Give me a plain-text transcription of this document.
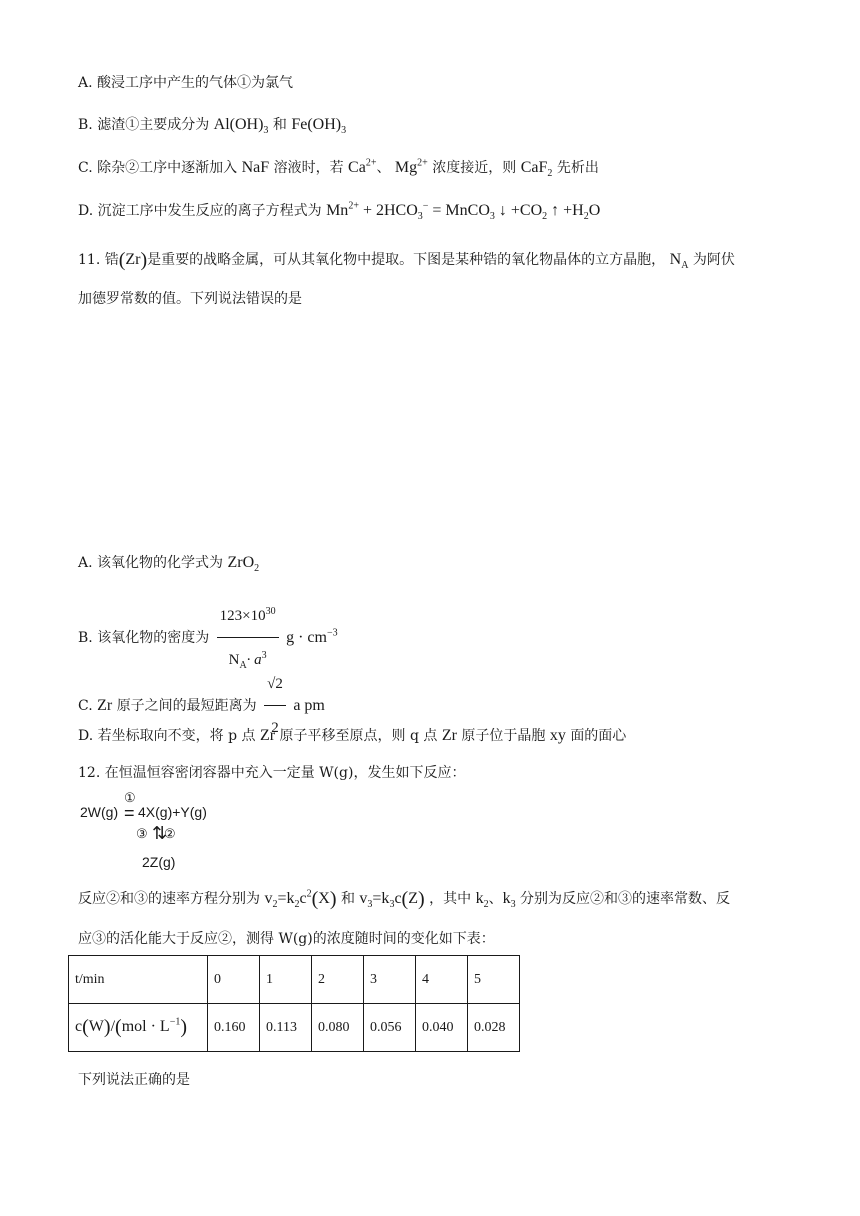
A. 酸浸工序中产生的气体①为氯气
B. 滤渣①主要成分为 $Al(OH)_3$ 和 $Fe(OH)_3$
C. 除杂②工序中逐渐加入 NaF 溶液时，若 $Ca^{2+}$、 $Mg^{2+}$ 浓度接近，则 CaF$_2$ 先析出
D. 沉淀工序中发生反应的离子方程式为 $Mn^{2+} + 2HCO_3^-$ = MnCO$_3$ ↓ $+CO_2$ ↑ $+H_2O$
11. 锆(Zr)是重要的战略金属，可从其氧化物中提取。下图是某种锆的氧化物晶体的立方晶胞， $N_A$ 为阿伏
加德罗常数的值。下列说法错误的是
A. 该氧化物的化学式为 ZrO$_2$
B. 该氧化物的密度为 $\frac{123\times 10^{30}}{N_A\cdot a^3}$ $g \cdot cm^{-3}$
C. Zr 原子之间的最短距离为 $\frac{√2}{2}$ a pm
D. 若坐标取向不变，将 p 点 Zr 原子平移至原点，则 q 点 Zr 原子位于晶胞 xy 面的面心
12. 在恒温恒容密闭容器中充入一定量 W(g)，发生如下反应：
2W(g)
①
= 4X(g)+Y(g)
③ ⇅
②
2Z(g)
反应②和③的速率方程分别为 $v_2=k_2c^2(X)$ 和 $v_3=k_3c(Z)$ ，其中 $k_2$、$k_3$ 分别为反应②和③的速率常数、反
应③的活化能大于反应②，测得 W(g)的浓度随时间的变化如下表：
t/min	0	1	2	3	4	5
$c(W)/(mol \cdot L^{-1})$	0.160	0.113	0.080	0.056	0.040	0.028
下列说法正确的是
